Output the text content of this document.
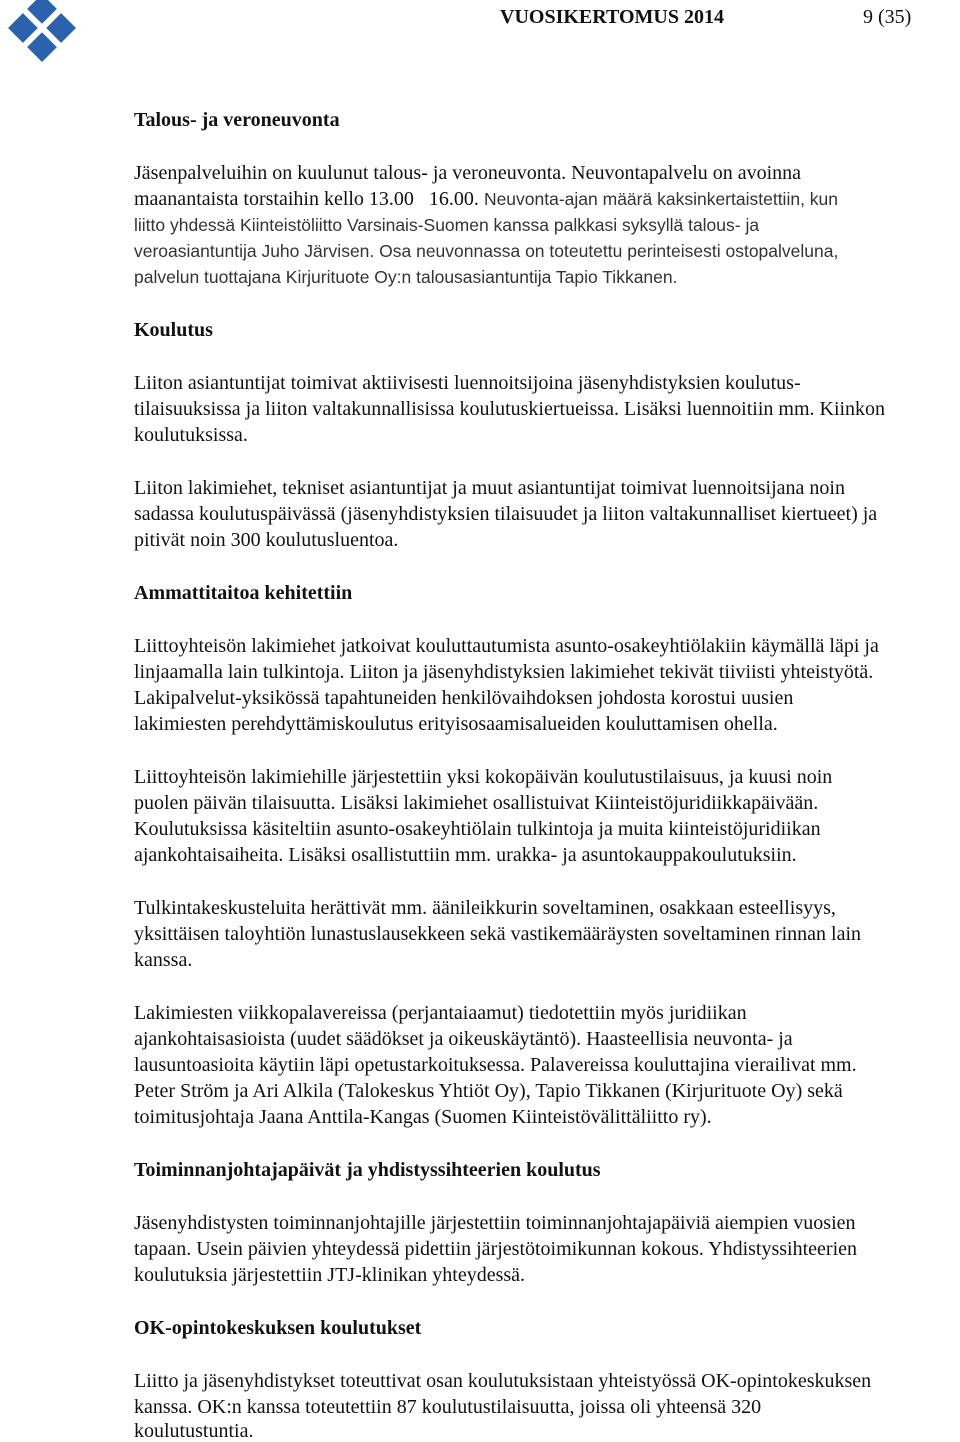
VUOSIKERTOMUS 2014	9 (35)
Talous- ja veroneuvonta
Jäsenpalveluihin on kuulunut talous- ja veroneuvonta. Neuvontapalvelu on avoinna
maanantaista torstaihin kello 13.00   16.00. Neuvonta-ajan määrä kaksinkertaistettiin, kun
liitto yhdessä Kiinteistöliitto Varsinais-Suomen kanssa palkkasi syksyllä talous- ja
veroasiantuntija Juho Järvisen. Osa neuvonnassa on toteutettu perinteisesti ostopalveluna,
palvelun tuottajana Kirjurituote Oy:n talousasiantuntija Tapio Tikkanen.
Koulutus
Liiton asiantuntijat toimivat aktiivisesti luennoitsijoina jäsenyhdistyksien koulutus-
tilaisuuksissa ja liiton valtakunnallisissa koulutuskiertueissa. Lisäksi luennoitiin mm. Kiinkon
koulutuksissa.
Liiton lakimiehet, tekniset asiantuntijat ja muut asiantuntijat toimivat luennoitsijana noin
sadassa koulutuspäivässä (jäsenyhdistyksien tilaisuudet ja liiton valtakunnalliset kiertueet) ja
pitivät noin 300 koulutusluentoa.
Ammattitaitoa kehitettiin
Liittoyhteisön lakimiehet jatkoivat kouluttautumista asunto-osakeyhtiölakiin käymällä läpi ja
linjaamalla lain tulkintoja. Liiton ja jäsenyhdistyksien lakimiehet tekivät tiiviisti yhteistyötä.
Lakipalvelut-yksikössä tapahtuneiden henkilövaihdoksen johdosta korostui uusien
lakimiesten perehdyttämiskoulutus erityisosaamisalueiden kouluttamisen ohella.
Liittoyhteisön lakimiehille järjestettiin yksi kokopäivän koulutustilaisuus, ja kuusi noin
puolen päivän tilaisuutta. Lisäksi lakimiehet osallistuivat Kiinteistöjuridiikkapäivään.
Koulutuksissa käsiteltiin asunto-osakeyhtiölain tulkintoja ja muita kiinteistöjuridiikan
ajankohtaisaiheita. Lisäksi osallistuttiin mm. urakka- ja asuntokauppakoulutuksiin.
Tulkintakeskusteluita herättivät mm. äänileikkurin soveltaminen, osakkaan esteellisyys,
yksittäisen taloyhtiön lunastuslausekkeen sekä vastikemääräysten soveltaminen rinnan lain
kanssa.
Lakimiesten viikkopalavereissa (perjantaiaamut) tiedotettiin myös juridiikan
ajankohtaisasioista (uudet säädökset ja oikeuskäytäntö). Haasteellisia neuvonta- ja
lausuntoasioita käytiin läpi opetustarkoituksessa. Palavereissa kouluttajina vierailivat mm.
Peter Ström ja Ari Alkila (Talokeskus Yhtiöt Oy), Tapio Tikkanen (Kirjurituote Oy) sekä
toimitusjohtaja Jaana Anttila-Kangas (Suomen Kiinteistövälittäliitto ry).
Toiminnanjohtajapäivät ja yhdistyssihteerien koulutus
Jäsenyhdistysten toiminnanjohtajille järjestettiin toiminnanjohtajapäiviä aiempien vuosien
tapaan. Usein päivien yhteydessä pidettiin järjestötoimikunnan kokous. Yhdistyssihteerien
koulutuksia järjestettiin JTJ-klinikan yhteydessä.
OK-opintokeskuksen koulutukset
Liitto ja jäsenyhdistykset toteuttivat osan koulutuksistaan yhteistyössä OK-opintokeskuksen
kanssa. OK:n kanssa toteutettiin 87 koulutustilaisuutta, joissa oli yhteensä 320
koulutustuntia.
